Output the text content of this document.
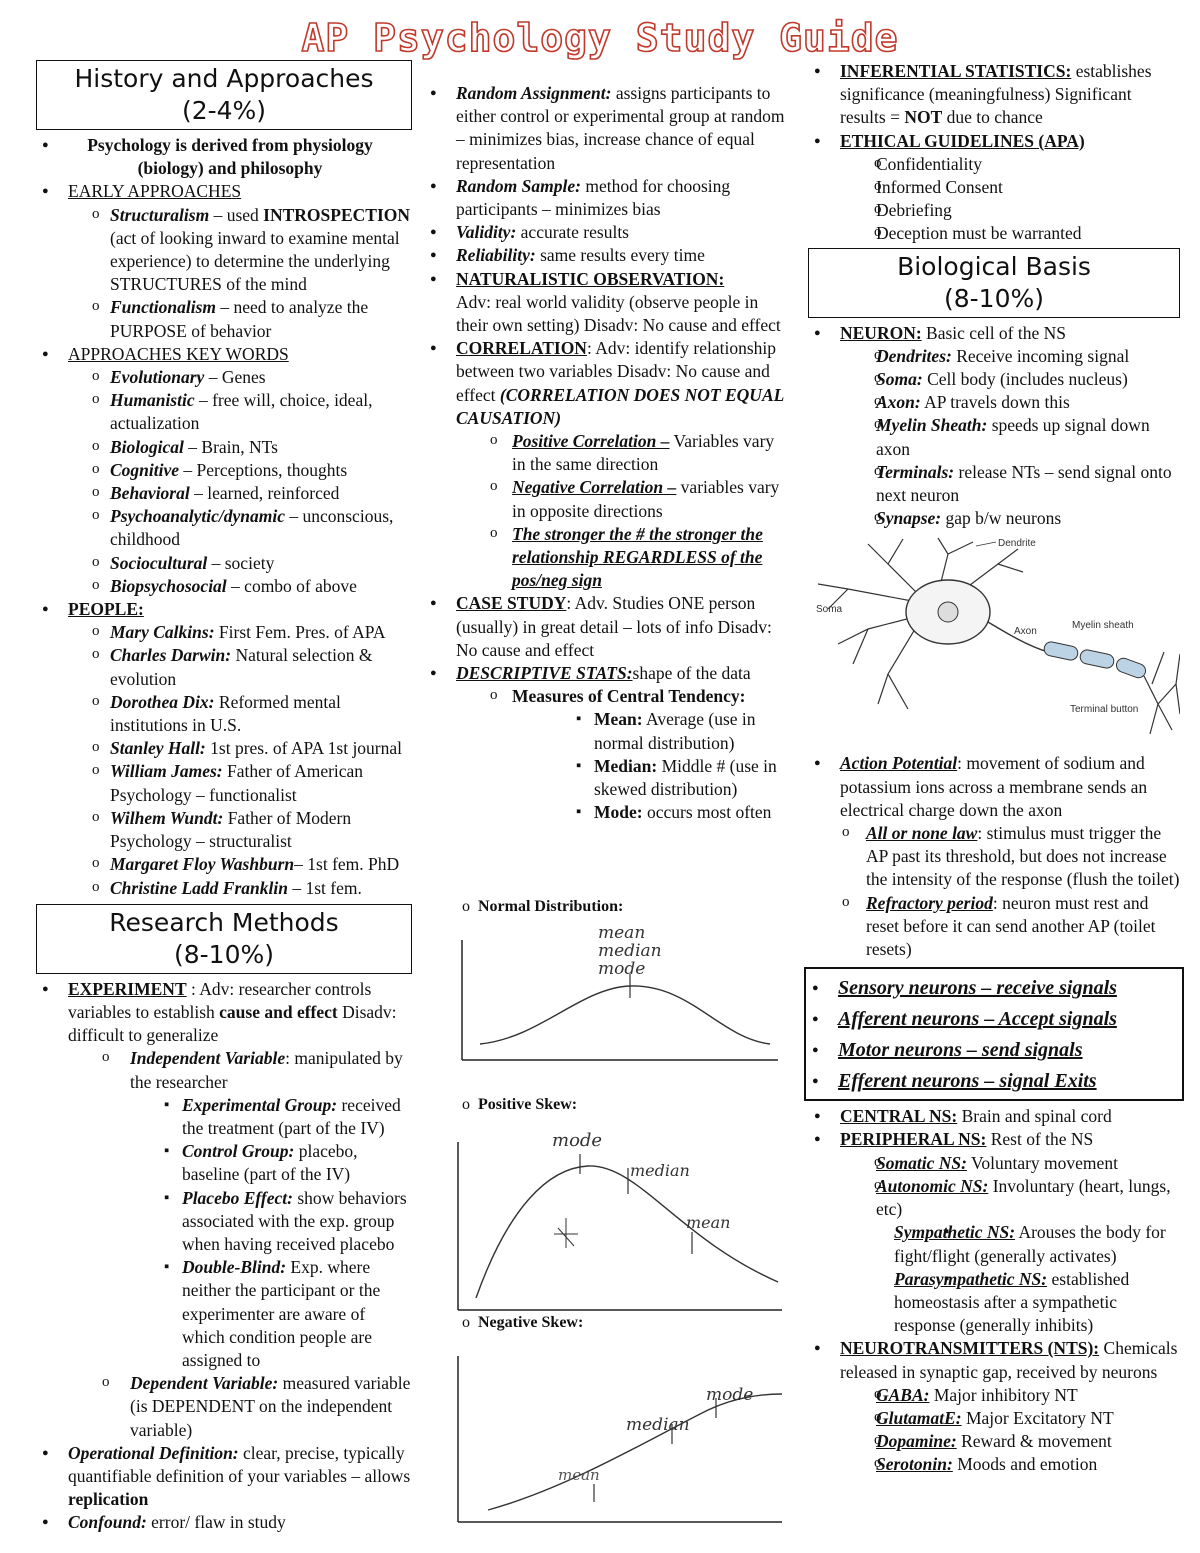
AP Psychology Study Guide
History and Approaches
(2-4%)
● Psychology is derived from physiology (biology) and philosophy
● EARLY APPROACHES
o Structuralism – used INTROSPECTION (act of looking inward to examine mental experience) to determine the underlying STRUCTURES of the mind
o Functionalism – need to analyze the PURPOSE of behavior
● APPROACHES KEY WORDS
o Evolutionary – Genes
o Humanistic – free will, choice, ideal, actualization
o Biological – Brain, NTs
o Cognitive – Perceptions, thoughts
o Behavioral – learned, reinforced
o Psychoanalytic/dynamic – unconscious, childhood
o Sociocultural – society
o Biopsychosocial – combo of above
● PEOPLE:
o Mary Calkins: First Fem. Pres. of APA
o Charles Darwin: Natural selection & evolution
o Dorothea Dix: Reformed mental institutions in U.S.
o Stanley Hall: 1st pres. of APA 1st journal
o William James: Father of American Psychology – functionalist
o Wilhem Wundt: Father of Modern Psychology – structuralist
o Margaret Floy Washburn– 1st fem. PhD
o Christine Ladd Franklin – 1st fem.
Research Methods
(8-10%)
● EXPERIMENT : Adv: researcher controls variables to establish cause and effect Disadv: difficult to generalize
o Independent Variable: manipulated by the researcher
▪ Experimental Group: received the treatment (part of the IV)
▪ Control Group: placebo, baseline (part of the IV)
▪ Placebo Effect: show behaviors associated with the exp. group when having received placebo
▪ Double-Blind: Exp. where neither the participant or the experimenter are aware of which condition people are assigned to
o Dependent Variable: measured variable (is DEPENDENT on the independent variable)
● Operational Definition: clear, precise, typically quantifiable definition of your variables – allows replication
● Confound: error/ flaw in study
● Random Assignment: assigns participants to either control or experimental group at random – minimizes bias, increase chance of equal representation
● Random Sample: method for choosing participants – minimizes bias
● Validity: accurate results
● Reliability: same results every time
● NATURALISTIC OBSERVATION:
Adv: real world validity (observe people in their own setting) Disadv: No cause and effect
● CORRELATION: Adv: identify relationship between two variables Disadv: No cause and effect (CORRELATION DOES NOT EQUAL CAUSATION)
o Positive Correlation – Variables vary in the same direction
o Negative Correlation – variables vary in opposite directions
o The stronger the # the stronger the relationship REGARDLESS of the pos/neg sign
● CASE STUDY: Adv. Studies ONE person (usually) in great detail – lots of info Disadv: No cause and effect
● DESCRIPTIVE STATS:shape of the data
o Measures of Central Tendency:
▪ Mean: Average (use in normal distribution)
▪ Median: Middle # (use in skewed distribution)
▪ Mode: occurs most often
o  Normal Distribution:
mean
median
mode
o  Positive Skew:
mode
median
mean
o  Negative Skew:
mean
median
mode
● INFERENTIAL STATISTICS: establishes significance (meaningfulness) Significant results = NOT due to chance
● ETHICAL GUIDELINES (APA)
o Confidentiality
o Informed Consent
o Debriefing
o Deception must be warranted
Biological Basis
(8-10%)
● NEURON: Basic cell of the NS
o Dendrites: Receive incoming signal
o Soma: Cell body (includes nucleus)
o Axon: AP travels down this
o Myelin Sheath: speeds up signal down axon
o Terminals: release NTs – send signal onto next neuron
o Synapse: gap b/w neurons
Dendrite
Soma
Axon
Myelin sheath
Terminal button
● Action Potential: movement of sodium and potassium ions across a membrane sends an electrical charge down the axon
o All or none law: stimulus must trigger the AP past its threshold, but does not increase the intensity of the response (flush the toilet)
o Refractory period: neuron must rest and reset before it can send another AP (toilet resets)
● Sensory neurons – receive signals
● Afferent neurons – Accept signals
● Motor neurons – send signals
● Efferent neurons – signal Exits
● CENTRAL NS: Brain and spinal cord
● PERIPHERAL NS: Rest of the NS
o Somatic NS: Voluntary movement
o Autonomic NS: Involuntary (heart, lungs, etc)
▪ Sympathetic NS: Arouses the body for fight/flight (generally activates)
▪ Parasympathetic NS: established homeostasis after a sympathetic response (generally inhibits)
● NEUROTRANSMITTERS (NTS): Chemicals released in synaptic gap, received by neurons
o GABA: Major inhibitory NT
o GlutamatE: Major Excitatory NT
o Dopamine: Reward & movement
o Serotonin: Moods and emotion
